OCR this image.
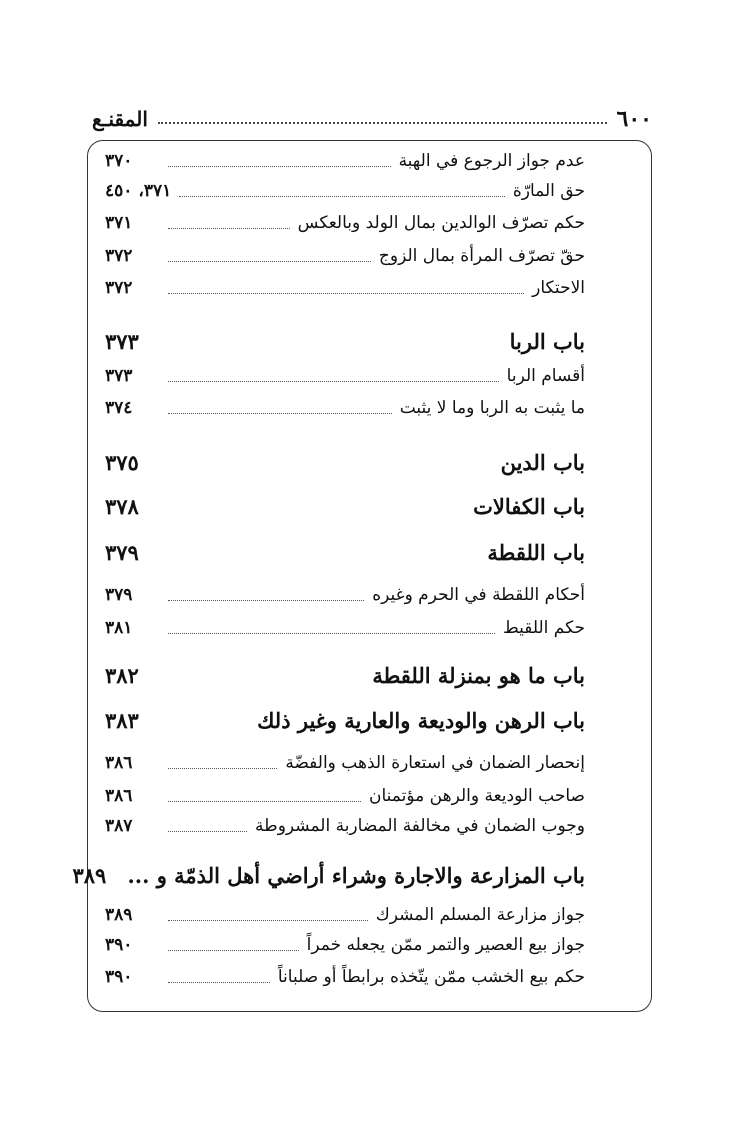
٦٠٠
المقنـع
عدم جواز الرجوع في الهبة
٣٧٠
حق المارّة
٣٧١، ٤٥٠
حكم تصرّف الوالدين بمال الولد وبالعكس
٣٧١
حقّ تصرّف المرأة بمال الزوج
٣٧٢
الاحتكار
٣٧٢
باب الربا
٣٧٣
أقسام الربا
٣٧٣
ما يثبت به الربا وما لا يثبت
٣٧٤
باب الدين
٣٧٥
باب الكفالات
٣٧٨
باب اللقطة
٣٧٩
أحكام اللقطة في الحرم وغيره
٣٧٩
حكم اللقيط
٣٨١
باب ما هو بمنزلة اللقطة
٣٨٢
باب الرهن والوديعة والعارية وغير ذلك
٣٨٣
إنحصار الضمان في استعارة الذهب والفضّة
٣٨٦
صاحب الوديعة والرهن مؤتمنان
٣٨٦
وجوب الضمان في مخالفة المضاربة المشروطة
٣٨٧
باب المزارعة والاجارة وشراء أراضي أهل الذمّة و ...
٣٨٩
جواز مزارعة المسلم المشرك
٣٨٩
جواز بيع العصير والتمر ممّن يجعله خمراً
٣٩٠
حكم بيع الخشب ممّن يتّخذه برابطاً أو صلباناً
٣٩٠
